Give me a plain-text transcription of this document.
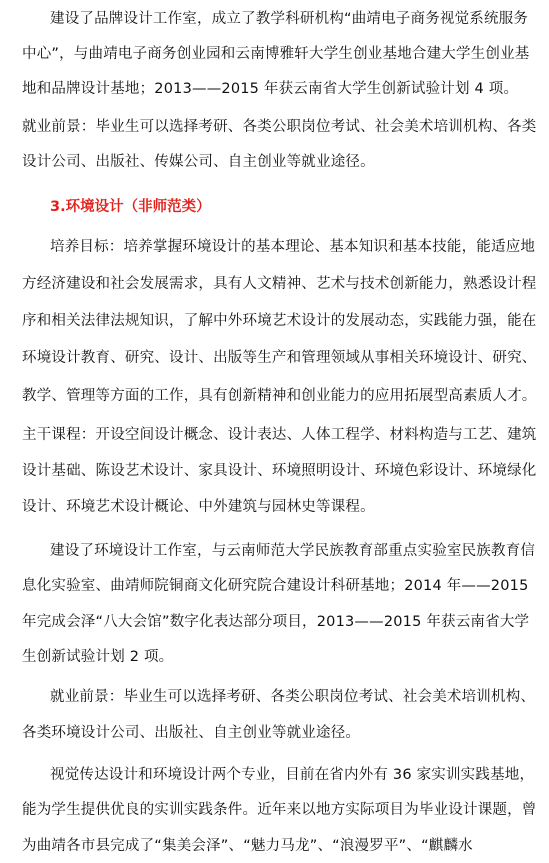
建设了品牌设计工作室，成立了教学科研机构“曲靖电子商务视觉系统服务
中心”，与曲靖电子商务创业园和云南博雅轩大学生创业基地合建大学生创业基
地和品牌设计基地；2013——2015 年获云南省大学生创新试验计划 4 项。
就业前景：毕业生可以选择考研、各类公职岗位考试、社会美术培训机构、各类
设计公司、出版社、传媒公司、自主创业等就业途径。
3.环境设计（非师范类）
培养目标：培养掌握环境设计的基本理论、基本知识和基本技能，能适应地
方经济建设和社会发展需求，具有人文精神、艺术与技术创新能力，熟悉设计程
序和相关法律法规知识，了解中外环境艺术设计的发展动态，实践能力强，能在
环境设计教育、研究、设计、出版等生产和管理领域从事相关环境设计、研究、
教学、管理等方面的工作，具有创新精神和创业能力的应用拓展型高素质人才。
主干课程：开设空间设计概念、设计表达、人体工程学、材料构造与工艺、建筑
设计基础、陈设艺术设计、家具设计、环境照明设计、环境色彩设计、环境绿化
设计、环境艺术设计概论、中外建筑与园林史等课程。
建设了环境设计工作室，与云南师范大学民族教育部重点实验室民族教育信
息化实验室、曲靖师院铜商文化研究院合建设计科研基地；2014 年——2015
年完成会泽“八大会馆”数字化表达部分项目，2013——2015 年获云南省大学
生创新试验计划 2 项。
就业前景：毕业生可以选择考研、各类公职岗位考试、社会美术培训机构、
各类环境设计公司、出版社、自主创业等就业途径。
视觉传达设计和环境设计两个专业，目前在省内外有 36 家实训实践基地，
能为学生提供优良的实训实践条件。近年来以地方实际项目为毕业设计课题，曾
为曲靖各市县完成了“集美会泽”、“魅力马龙”、“浪漫罗平”、“麒麟水
